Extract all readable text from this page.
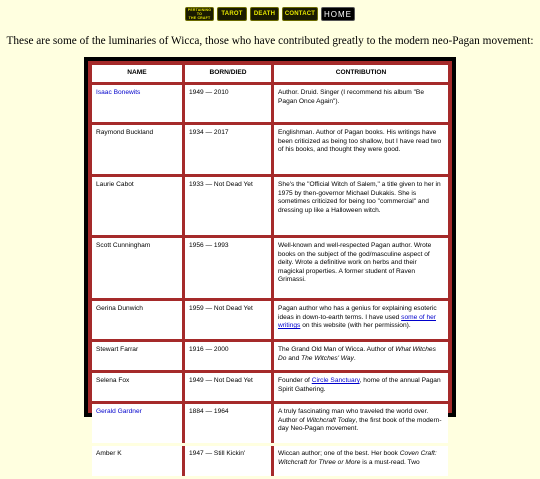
PERTAINING TO
THE CRAFT
TAROT	DEATH	CONTACT	HOME
These are some of the luminaries of Wicca, those who have contributed greatly to the modern neo-Pagan movement:
NAME	BORN/DIED	CONTRIBUTION
Isaac Bonewits	1949 — 2010	Author. Druid. Singer (I recommend his album "Be Pagan Once Again").
Raymond Buckland	1934 — 2017	Englishman. Author of Pagan books. His writings have been criticized as being too shallow, but I have read two of his books, and thought they were good.
Laurie Cabot	1933 — Not Dead Yet	She's the "Official Witch of Salem," a title given to her in 1975 by then-governor Michael Dukakis. She is sometimes criticized for being too "commercial" and dressing up like a Halloween witch.
Scott Cunningham	1956 — 1993	Well-known and well-respected Pagan author. Wrote books on the subject of the god/masculine aspect of deity. Wrote a definitive work on herbs and their magickal properties. A former student of Raven Grimassi.
Gerina Dunwich	1959 — Not Dead Yet	Pagan author who has a genius for explaining esoteric ideas in down-to-earth terms. I have used some of her writings on this website (with her permission).
Stewart Farrar	1916 — 2000	The Grand Old Man of Wicca. Author of What Witches Do and The Witches' Way.
Selena Fox	1949 — Not Dead Yet	Founder of Circle Sanctuary, home of the annual Pagan Spirit Gathering.
Gerald Gardner	1884 — 1964	A truly fascinating man who traveled the world over. Author of Witchcraft Today, the first book of the modern-day Neo-Pagan movement.
Amber K	1947 — Still Kickin'	Wiccan author; one of the best. Her book Coven Craft: Witchcraft for Three or More is a must-read. Two
